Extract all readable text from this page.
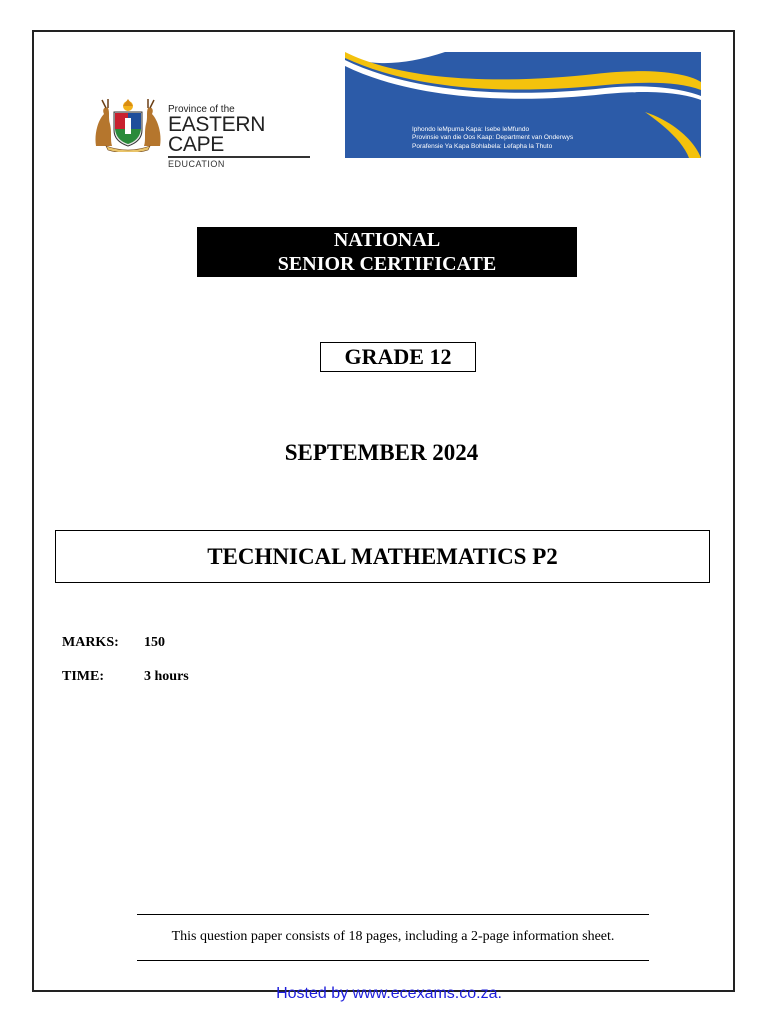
Province of the
EASTERN CAPE
EDUCATION
Iphondo leMpuma Kapa: Isebe leMfundo
Provinsie van die Oos Kaap: Department van Onderwys
Porafensie Ya Kapa Bohlabela: Lefapha la Thuto
NATIONAL
SENIOR CERTIFICATE
GRADE 12
SEPTEMBER 2024
TECHNICAL MATHEMATICS P2
MARKS: 150
TIME:	3 hours
This question paper consists of 18 pages, including a 2-page information sheet.
Hosted by www.ecexams.co.za.
